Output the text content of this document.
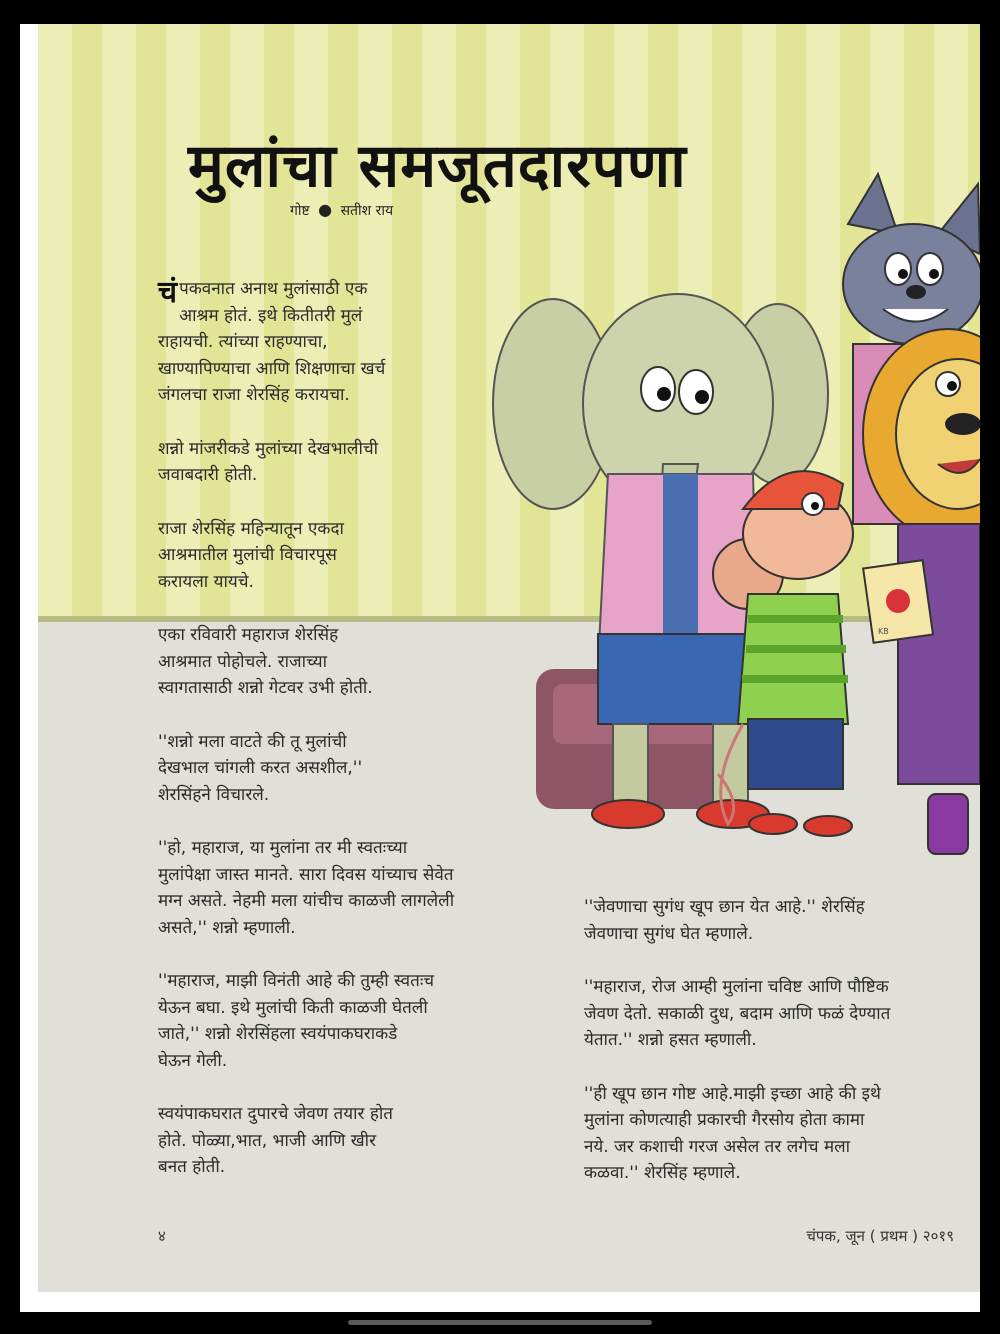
KB
मुलांचा समजूतदारपणा
गोष्ट ● सतीश राय

चंपकवनात अनाथ मुलांसाठी एक
आश्रम होतं. इथे कितीतरी मुलं
राहायची. त्यांच्या राहण्याचा,
खाण्यापिण्याचा आणि शिक्षणाचा खर्च
जंगलचा राजा शेरसिंह करायचा.

शन्नो मांजरीकडे मुलांच्या देखभालीची
जवाबदारी होती.

राजा शेरसिंह महिन्यातून एकदा
आश्रमातील मुलांची विचारपूस
करायला यायचे.

एका रविवारी महाराज शेरसिंह
आश्रमात पोहोचले. राजाच्या
स्वागतासाठी शन्नो गेटवर उभी होती.

''शन्नो मला वाटते की तू मुलांची
देखभाल चांगली करत असशील,''
शेरसिंहने विचारले.

''हो, महाराज, या मुलांना तर मी स्वतःच्या
मुलांपेक्षा जास्त मानते. सारा दिवस यांच्याच सेवेत
मग्न असते. नेहमी मला यांचीच काळजी लागलेली
असते,'' शन्नो म्हणाली.

''महाराज, माझी विनंती आहे की तुम्ही स्वतःच
येऊन बघा. इथे मुलांची किती काळजी घेतली
जाते,'' शन्नो शेरसिंहला स्वयंपाकघराकडे
घेऊन गेली.

स्वयंपाकघरात दुपारचे जेवण तयार होत
होते. पोळ्या,भात, भाजी आणि खीर
बनत होती.

''जेवणाचा सुगंध खूप छान येत आहे.'' शेरसिंह
जेवणाचा सुगंध घेत म्हणाले.

''महाराज, रोज आम्ही मुलांना चविष्ट आणि पौष्टिक
जेवण देतो. सकाळी दुध, बदाम आणि फळं देण्यात
येतात.'' शन्नो हसत म्हणाली.

''ही खूप छान गोष्ट आहे.माझी इच्छा आहे की इथे
मुलांना कोणत्याही प्रकारची गैरसोय होता कामा
नये. जर कशाची गरज असेल तर लगेच मला
कळवा.'' शेरसिंह म्हणाले.

४	चंपक, जून ( प्रथम ) २०१९
